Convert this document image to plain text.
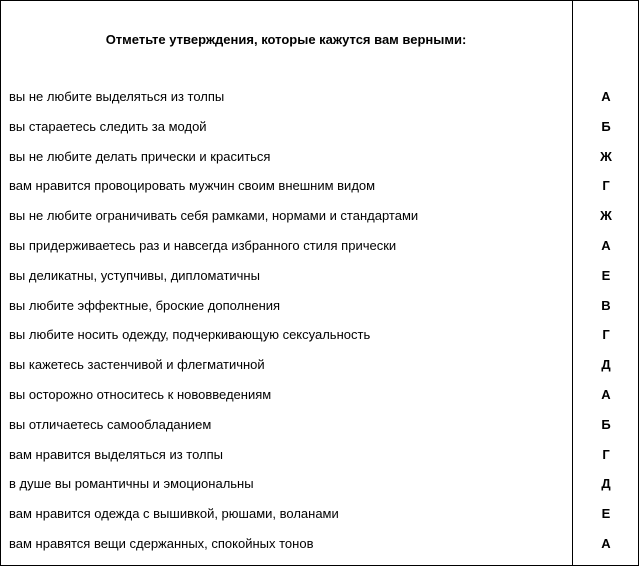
Отметьте утверждения, которые кажутся вам верными:
вы не любите выделяться из толпы	А
вы стараетесь следить за модой	Б
вы не любите делать прически и краситься	Ж
вам нравится провоцировать мужчин своим внешним видом	Г
вы не любите ограничивать себя рамками, нормами и стандартами	Ж
вы придерживаетесь раз и навсегда избранного стиля прически	А
вы деликатны, уступчивы, дипломатичны	Е
вы любите эффектные, броские дополнения	В
вы любите носить одежду, подчеркивающую сексуальность	Г
вы кажетесь застенчивой и флегматичной	Д
вы осторожно относитесь к нововведениям	А
вы отличаетесь самообладанием	Б
вам нравится выделяться из толпы	Г
в душе вы романтичны и эмоциональны	Д
вам нравится одежда с вышивкой, рюшами, воланами	Е
вам нравятся вещи сдержанных, спокойных тонов	А
